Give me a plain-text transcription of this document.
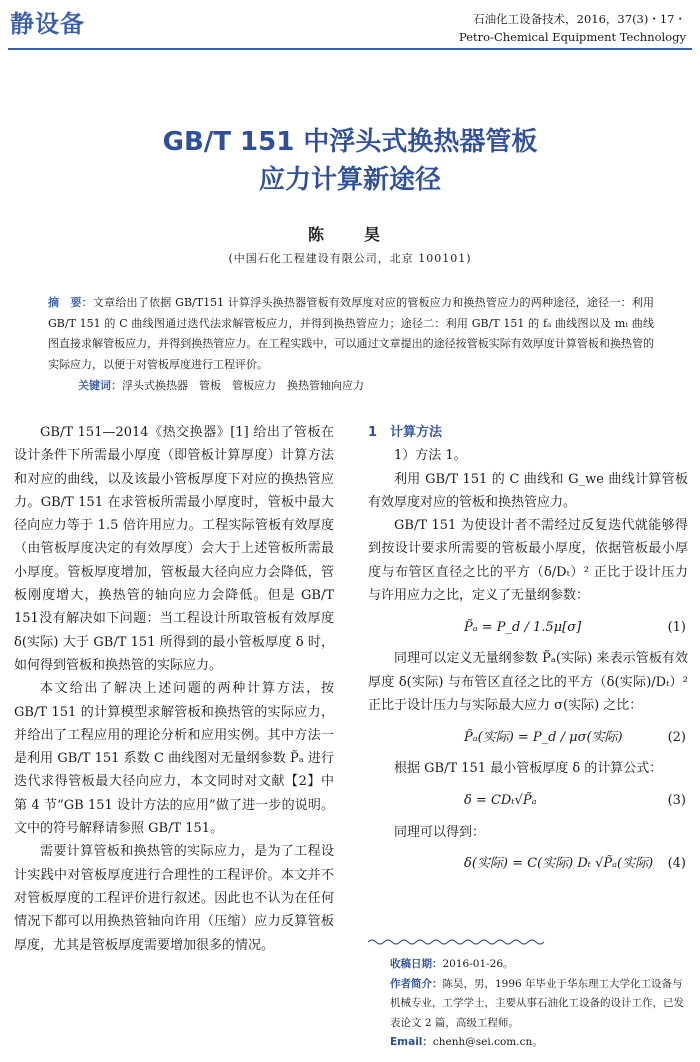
静设备	石油化工设备技术，2016，37(3)・17・
Petro-Chemical Equipment Technology
GB/T 151 中浮头式换热器管板
应力计算新途径
陈　昊
(中国石化工程建设有限公司，北京 100101)
摘　要：文章给出了依据 GB/T151 计算浮头换热器管板有效厚度对应的管板应力和换热管应力的两种途径，途径一：利用 GB/T 151 的 C 曲线图通过迭代法求解管板应力，并得到换热管应力；途径二：利用 GB/T 151 的 fₐ 曲线图以及 mₜ 曲线图直接求解管板应力，并得到换热管应力。在工程实践中，可以通过文章提出的途径按管板实际有效厚度计算管板和换热管的实际应力，以便于对管板厚度进行工程评价。
关键词：浮头式换热器　管板　管板应力　换热管轴向应力

GB/T 151—2014《热交换器》[1] 给出了管板在设计条件下所需最小厚度（即管板计算厚度）计算方法和对应的曲线，以及该最小管板厚度下对应的换热管应力。GB/T 151 在求管板所需最小厚度时，管板中最大径向应力等于 1.5 倍许用应力。工程实际管板有效厚度（由管板厚度决定的有效厚度）会大于上述管板所需最小厚度。管板厚度增加，管板最大径向应力会降低，管板刚度增大，换热管的轴向应力会降低。但是 GB/T 151没有解决如下问题：当工程设计所取管板有效厚度 δ(实际) 大于 GB/T 151 所得到的最小管板厚度 δ 时，如何得到管板和换热管的实际应力。

本文给出了解决上述问题的两种计算方法，按 GB/T 151 的计算模型求解管板和换热管的实际应力，并给出了工程应用的理论分析和应用实例。其中方法一是利用 GB/T 151 系数 C 曲线图对无量纲参数 P̃ₐ 进行迭代求得管板最大径向应力，本文同时对文献【2】中第 4 节“GB 151 设计方法的应用”做了进一步的说明。文中的符号解释请参照 GB/T 151。

需要计算管板和换热管的实际应力，是为了工程设计实践中对管板厚度进行合理性的工程评价。本文并不对管板厚度的工程评价进行叙述。因此也不认为在任何情况下都可以用换热管轴向许用（压缩）应力反算管板厚度，尤其是管板厚度需要增加很多的情况。

1　计算方法

1）方法 1。

利用 GB/T 151 的 C 曲线和 G_we 曲线计算管板有效厚度对应的管板和换热管应力。

GB/T 151 为使设计者不需经过反复迭代就能够得到按设计要求所需要的管板最小厚度，依据管板最小厚度与布管区直径之比的平方（δ/Dₜ）² 正比于设计压力与许用应力之比，定义了无量纲参数：

P̃ₐ = P_d / 1.5μ[σ]	(1)

同理可以定义无量纲参数 P̃ₐ(实际) 来表示管板有效厚度 δ(实际) 与布管区直径之比的平方（δ(实际)/Dₜ）² 正比于设计压力与实际最大应力 σ(实际) 之比：

P̃ₐ(实际) = P_d / μσ(实际)	(2)

根据 GB/T 151 最小管板厚度 δ 的计算公式：

δ = CDₜ√P̃ₐ	(3)

同理可以得到：

δ(实际) = C(实际) Dₜ √P̃ₐ(实际) (4)
收稿日期：2016-01-26。
作者简介：陈昊，男，1996 年毕业于华东理工大学化工设备与机械专业，工学学士，主要从事石油化工设备的设计工作，已发表论文 2 篇，高级工程师。
Email：chenh@sei.com.cn。
